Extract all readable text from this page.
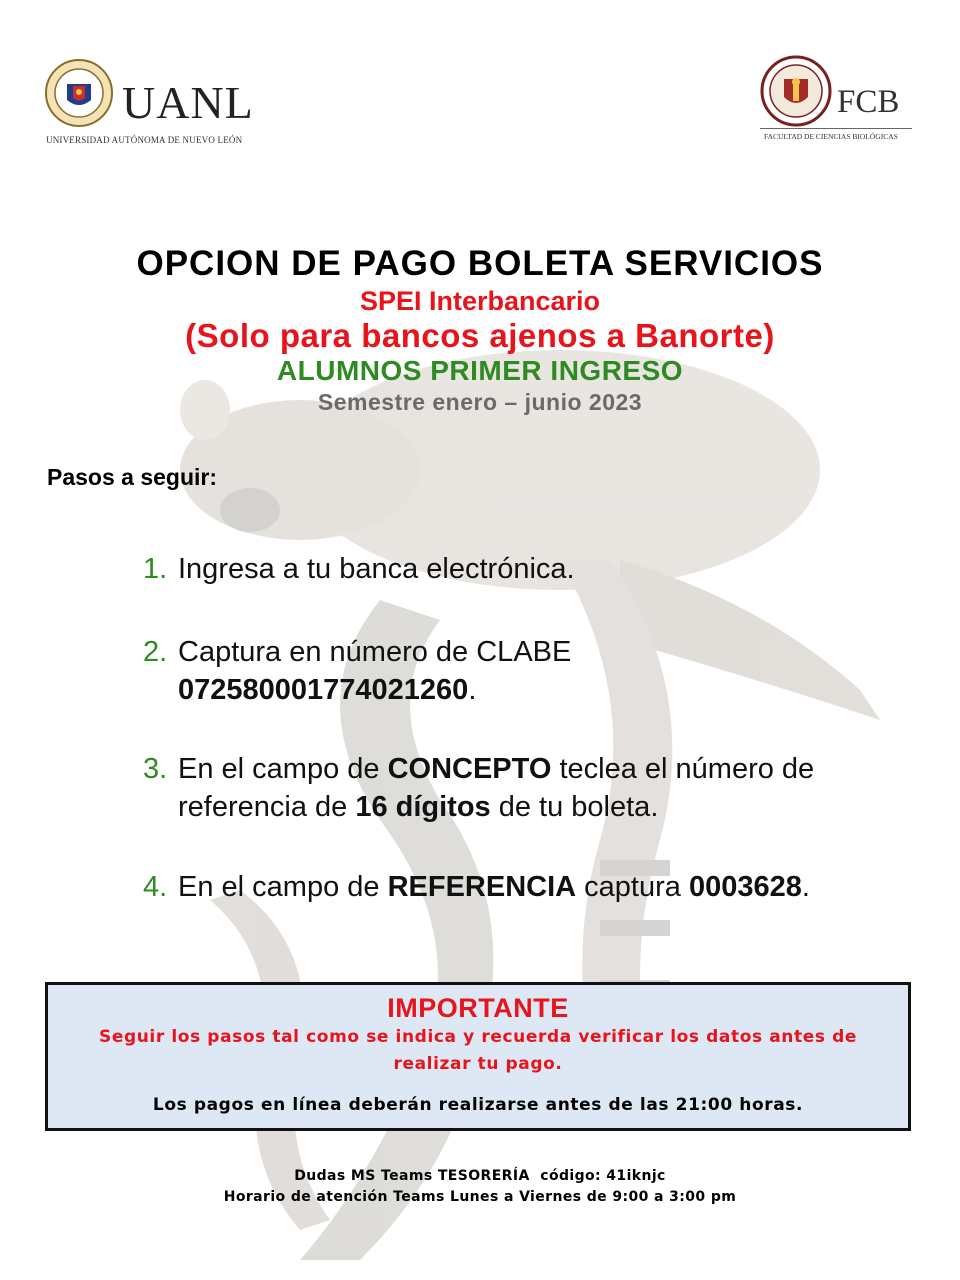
UANL
UNIVERSIDAD AUTÓNOMA DE NUEVO LEÓN
FCB
FACULTAD DE CIENCIAS BIOLÓGICAS
OPCION DE PAGO BOLETA SERVICIOS
SPEI Interbancario
(Solo para bancos ajenos a Banorte)
ALUMNOS PRIMER INGRESO
Semestre enero – junio 2023
Pasos a seguir:
1. Ingresa a tu banca electrónica.
2. Captura en número de CLABE
072580001774021260.
3. En el campo de CONCEPTO teclea el número de referencia de 16 dígitos de tu boleta.
4. En el campo de REFERENCIA captura 0003628.
IMPORTANTE
Seguir los pasos tal como se indica y recuerda verificar los datos antes de realizar tu pago.
Los pagos en línea deberán realizarse antes de las 21:00 horas.
Dudas MS Teams TESORERÍA  código: 41iknjc
Horario de atención Teams Lunes a Viernes de 9:00 a 3:00 pm
